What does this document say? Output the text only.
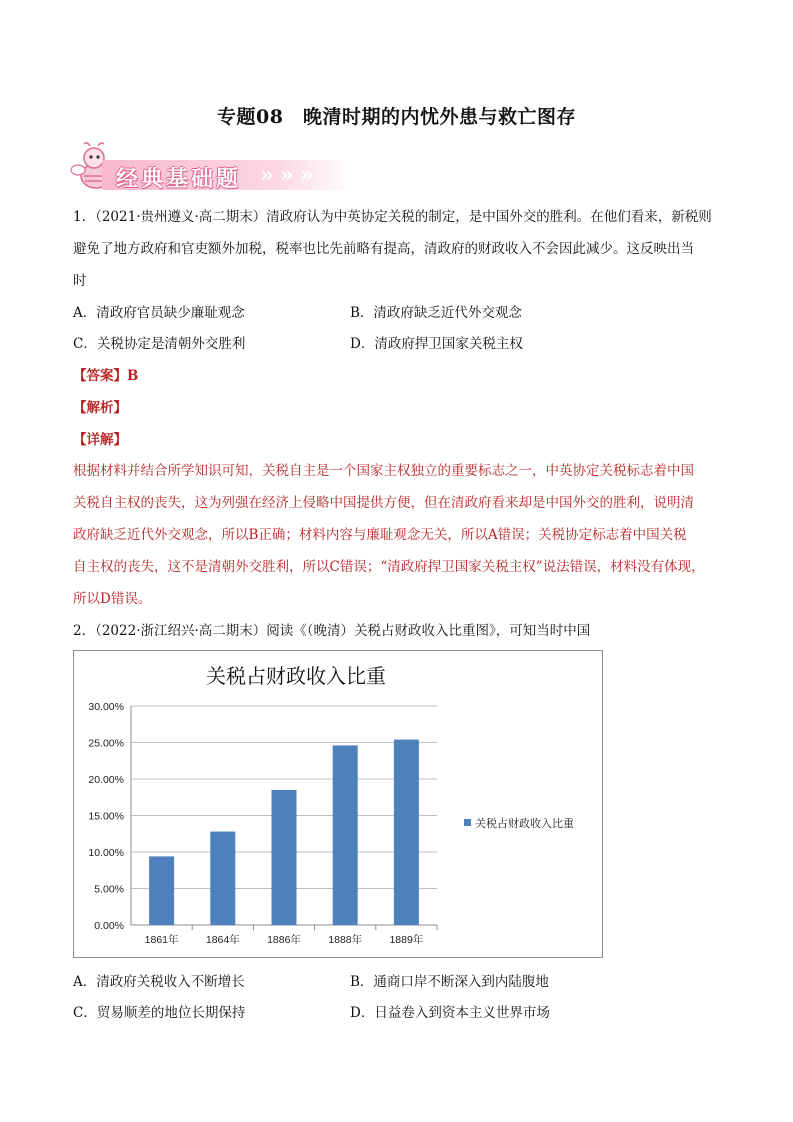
专题08　晚清时期的内忧外患与救亡图存
经典基础题 » » »
1．（2021·贵州遵义·高二期末）清政府认为中英协定关税的制定，是中国外交的胜利。在他们看来，新税则
避免了地方政府和官吏额外加税，税率也比先前略有提高，清政府的财政收入不会因此减少。这反映出当
时
A．清政府官员缺少廉耻观念	B．清政府缺乏近代外交观念
C．关税协定是清朝外交胜利	D．清政府捍卫国家关税主权
【答案】B
【解析】
【详解】
根据材料并结合所学知识可知，关税自主是一个国家主权独立的重要标志之一，中英协定关税标志着中国
关税自主权的丧失，这为列强在经济上侵略中国提供方便，但在清政府看来却是中国外交的胜利，说明清
政府缺乏近代外交观念，所以B正确；材料内容与廉耻观念无关，所以A错误；关税协定标志着中国关税
自主权的丧失，这不是清朝外交胜利，所以C错误；“清政府捍卫国家关税主权”说法错误，材料没有体现，
所以D错误。
2．（2022·浙江绍兴·高二期末）阅读《（晚清）关税占财政收入比重图》，可知当时中国
关税占财政收入比重
0.00%
5.00%
10.00%
15.00%
20.00%
25.00%
30.00%
1861年	1864年	1886年	1888年	1889年
关税占财政收入比重
A．清政府关税收入不断增长	B．通商口岸不断深入到内陆腹地
C．贸易顺差的地位长期保持	D．日益卷入到资本主义世界市场
